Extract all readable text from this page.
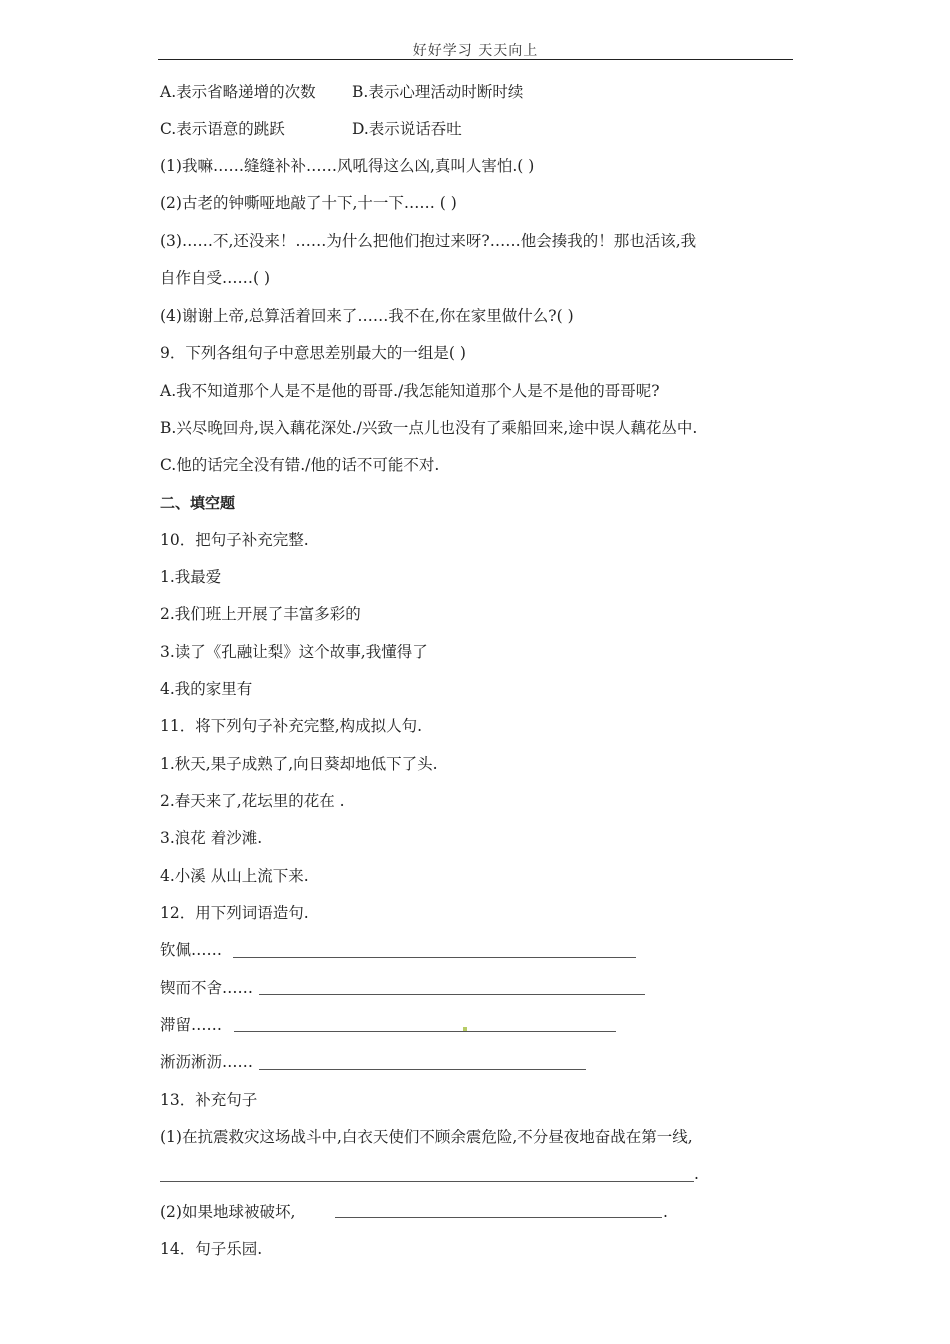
好好学习 天天向上
A.表示省略递增的次数 B.表示心理活动时断时续
C.表示语意的跳跃	D.表示说话吞吐
(1)我嘛……缝缝补补……风吼得这么凶,真叫人害怕.( )
(2)古老的钟嘶哑地敲了十下,十一下…… ( )
(3)……不,还没来！……为什么把他们抱过来呀?……他会揍我的！那也活该,我
自作自受……( )
(4)谢谢上帝,总算活着回来了……我不在,你在家里做什么?( )
9．下列各组句子中意思差别最大的一组是( )
A.我不知道那个人是不是他的哥哥./我怎能知道那个人是不是他的哥哥呢?
B.兴尽晚回舟,误入藕花深处./兴致一点儿也没有了乘船回来,途中误人藕花丛中.
C.他的话完全没有错./他的话不可能不对.
二、填空题
10．把句子补充完整.
1.我最爱
2.我们班上开展了丰富多彩的
3.读了《孔融让梨》这个故事,我懂得了
4.我的家里有
11．将下列句子补充完整,构成拟人句.
1.秋天,果子成熟了,向日葵却地低下了头.
2.春天来了,花坛里的花在 .
3.浪花 着沙滩.
4.小溪 从山上流下来.
12．用下列词语造句.
钦佩……
锲而不舍……
滞留……
淅沥淅沥……
13．补充句子
(1)在抗震救灾这场战斗中,白衣天使们不顾余震危险,不分昼夜地奋战在第一线,
.
(2)如果地球被破坏,	.
14．句子乐园.
